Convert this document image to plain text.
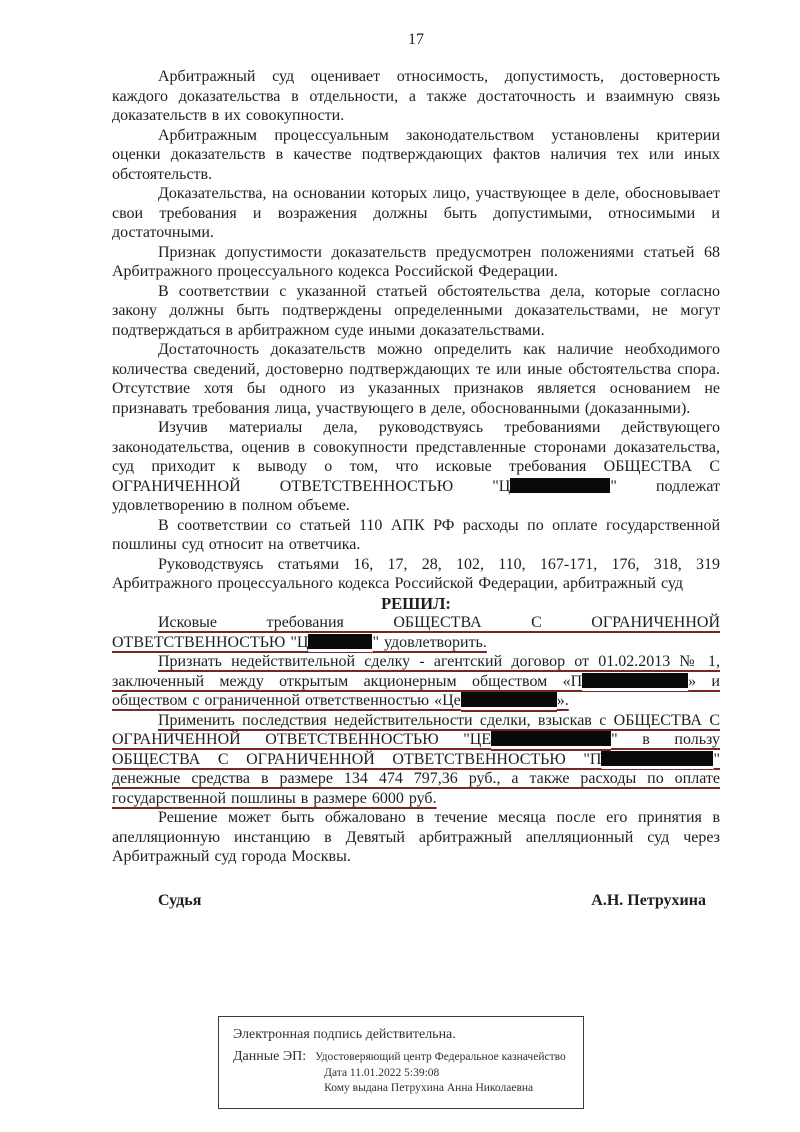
17

Арбитражный суд оценивает относимость, допустимость, достоверность каждого доказательства в отдельности, а также достаточность и взаимную связь доказательств в их совокупности.

Арбитражным процессуальным законодательством установлены критерии оценки доказательств в качестве подтверждающих фактов наличия тех или иных обстоятельств.

Доказательства, на основании которых лицо, участвующее в деле, обосновывает свои требования и возражения должны быть допустимыми, относимыми и достаточными.

Признак допустимости доказательств предусмотрен положениями статьей 68 Арбитражного процессуального кодекса Российской Федерации.

В соответствии с указанной статьей обстоятельства дела, которые согласно закону должны быть подтверждены определенными доказательствами, не могут подтверждаться в арбитражном суде иными доказательствами.

Достаточность доказательств можно определить как наличие необходимого количества сведений, достоверно подтверждающих те или иные обстоятельства спора. Отсутствие хотя бы одного из указанных признаков является основанием не признавать требования лица, участвующего в деле, обоснованными (доказанными).

Изучив материалы дела, руководствуясь требованиями действующего законодательства, оценив в совокупности представленные сторонами доказательства, суд приходит к выводу о том, что исковые требования ОБЩЕСТВА С ОГРАНИЧЕННОЙ ОТВЕТСТВЕННОСТЬЮ "Ц	" подлежат удовлетворению в полном объеме.

В соответствии со статьей 110 АПК РФ расходы по оплате государственной пошлины суд относит на ответчика.

Руководствуясь статьями 16, 17, 28, 102, 110, 167-171, 176, 318, 319 Арбитражного процессуального кодекса Российской Федерации, арбитражный суд

РЕШИЛ:

Исковые требования ОБЩЕСТВА С ОГРАНИЧЕННОЙ ОТВЕТСТВЕННОСТЬЮ "Ц	" удовлетворить.

Признать недействительной сделку - агентский договор от 01.02.2013 № 1, заключенный между открытым акционерным обществом «П	» и обществом с ограниченной ответственностью «Це	».

Применить последствия недействительности сделки, взыскав с ОБЩЕСТВА С ОГРАНИЧЕННОЙ ОТВЕТСТВЕННОСТЬЮ "ЦЕ	" в пользу ОБЩЕСТВА С ОГРАНИЧЕННОЙ ОТВЕТСТВЕННОСТЬЮ "П	" денежные средства в размере 134 474 797,36 руб., а также расходы по оплате государственной пошлины в размере 6000 руб.

Решение может быть обжаловано в течение месяца после его принятия в апелляционную инстанцию в Девятый арбитражный апелляционный суд через Арбитражный суд города Москвы.

Судья	А.Н. Петрухина

Электронная подпись действительна.

Данные ЭП: Удостоверяющий центр Федеральное казначейство
Дата 11.01.2022 5:39:08
Кому выдана Петрухина Анна Николаевна
